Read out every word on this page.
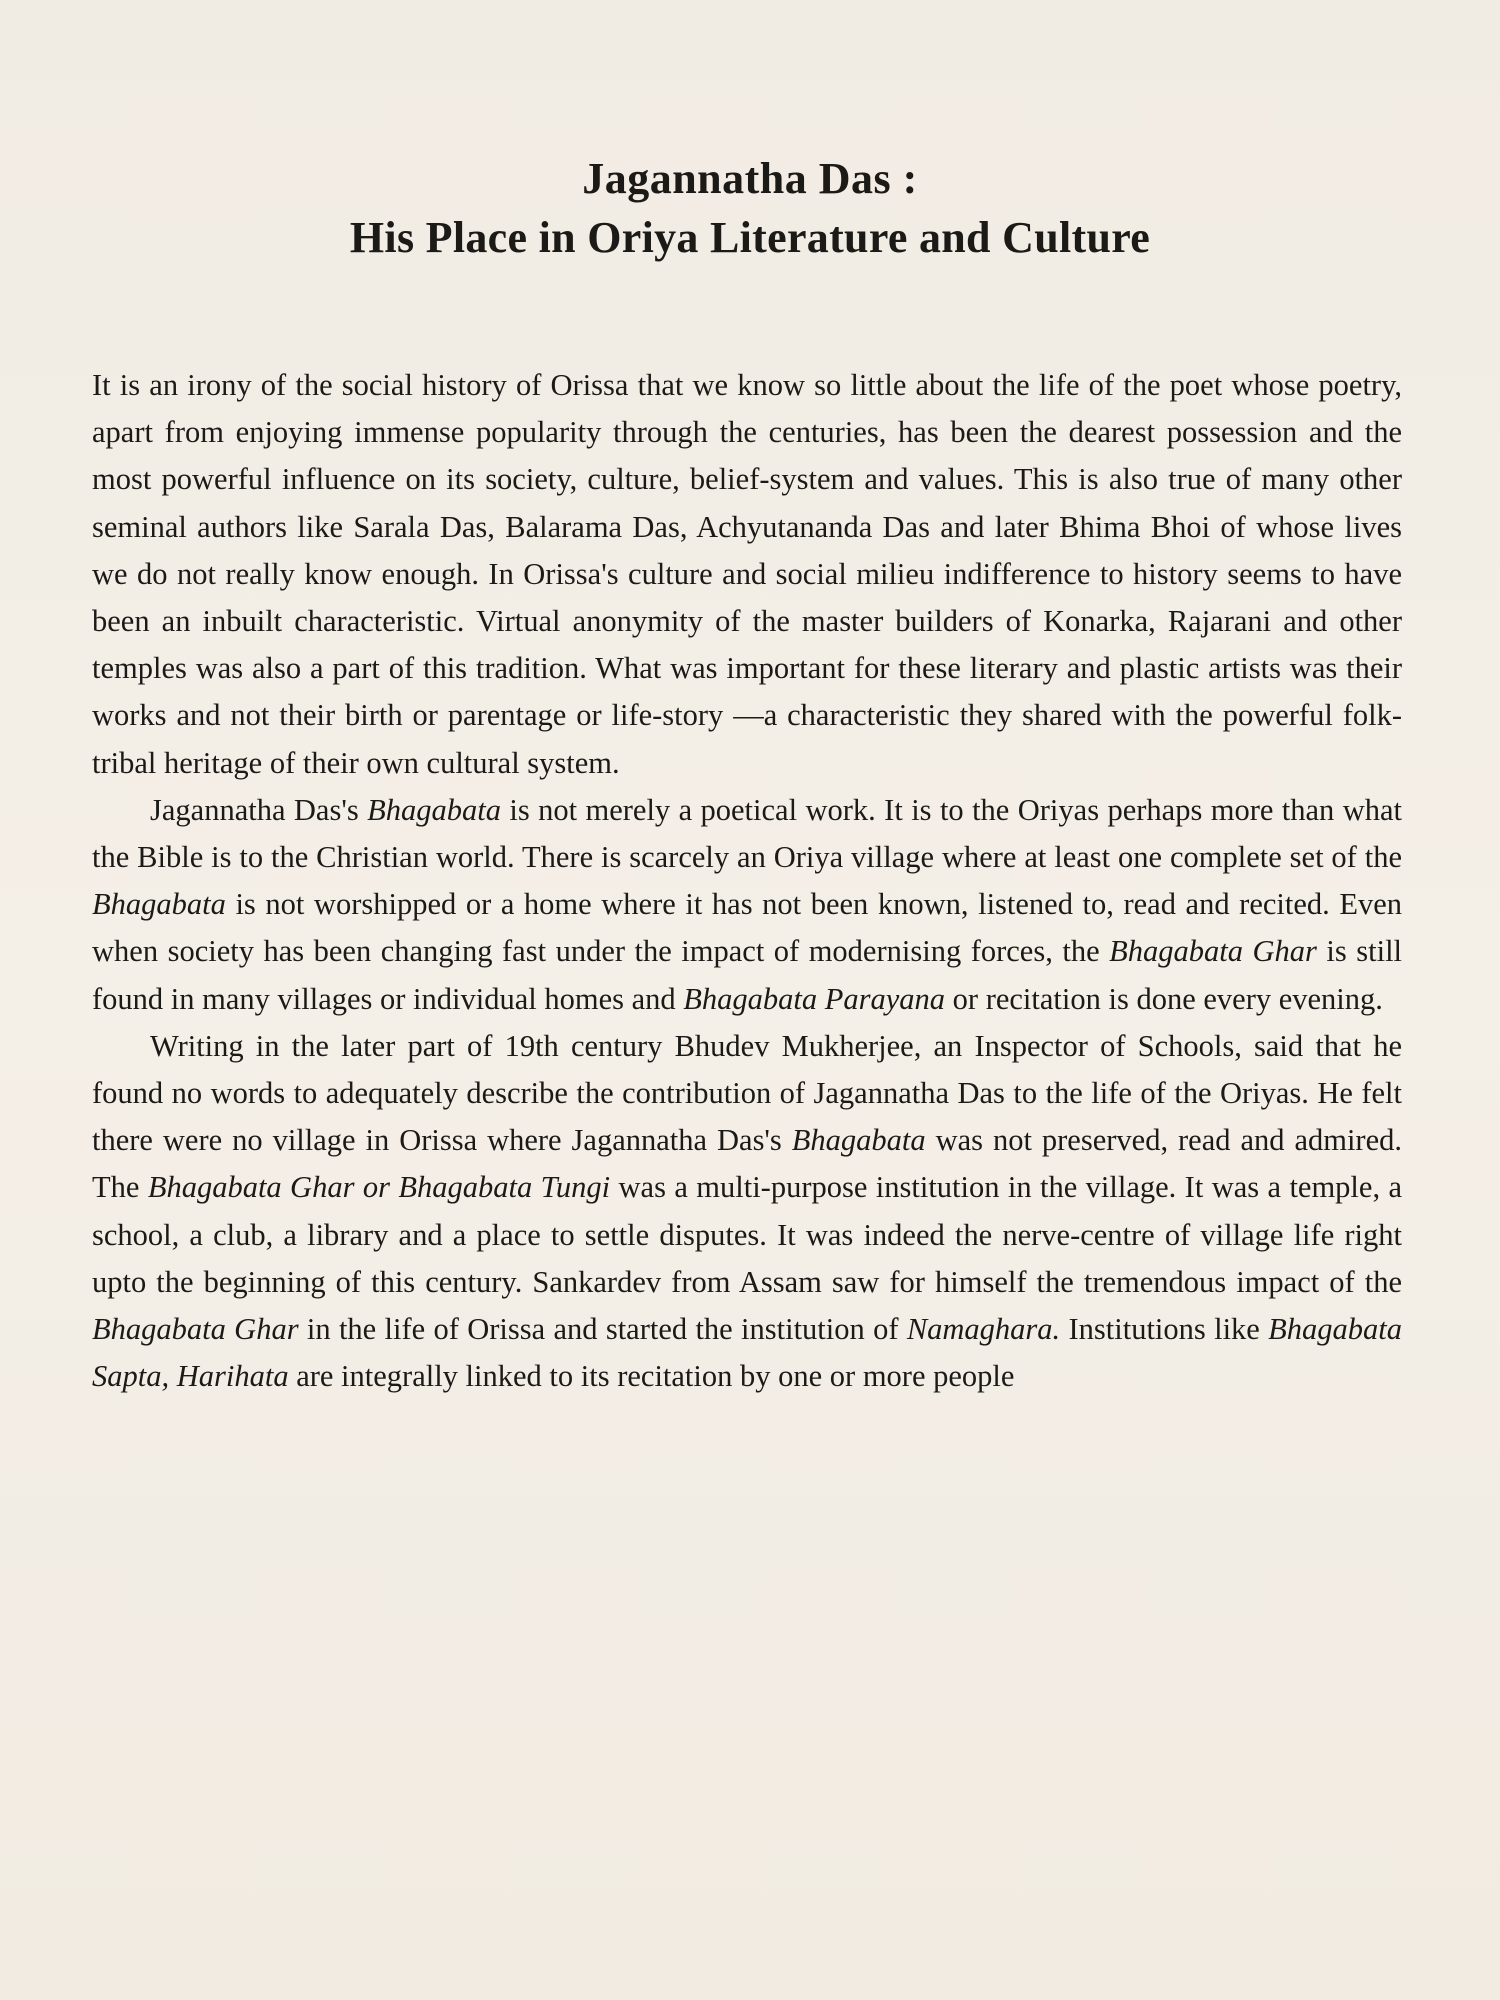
Jagannatha Das :
His Place in Oriya Literature and Culture

It is an irony of the social history of Orissa that we know so little about the life of the poet whose poetry, apart from enjoying immense popularity through the centuries, has been the dearest possession and the most powerful influence on its society, culture, belief-system and values. This is also true of many other seminal authors like Sarala Das, Balarama Das, Achyutananda Das and later Bhima Bhoi of whose lives we do not really know enough. In Orissa's culture and social milieu indifference to history seems to have been an inbuilt characteristic. Virtual anonymity of the master builders of Konarka, Rajarani and other temples was also a part of this tradition. What was important for these literary and plastic artists was their works and not their birth or parentage or life-story —a characteristic they shared with the powerful folk-tribal heritage of their own cultural system.

Jagannatha Das's Bhagabata is not merely a poetical work. It is to the Oriyas perhaps more than what the Bible is to the Christian world. There is scarcely an Oriya village where at least one complete set of the Bhagabata is not worshipped or a home where it has not been known, listened to, read and recited. Even when society has been changing fast under the impact of modernising forces, the Bhagabata Ghar is still found in many villages or individual homes and Bhagabata Parayana or recitation is done every evening.

Writing in the later part of 19th century Bhudev Mukherjee, an Inspector of Schools, said that he found no words to adequately describe the contribution of Jagannatha Das to the life of the Oriyas. He felt there were no village in Orissa where Jagannatha Das's Bhagabata was not preserved, read and admired. The Bhagabata Ghar or Bhagabata Tungi was a multi-purpose institution in the village. It was a temple, a school, a club, a library and a place to settle disputes. It was indeed the nerve-centre of village life right upto the beginning of this century. Sankardev from Assam saw for himself the tremendous impact of the Bhagabata Ghar in the life of Orissa and started the institution of Namaghara. Institutions like Bhagabata Sapta, Harihata are integrally linked to its recitation by one or more people
